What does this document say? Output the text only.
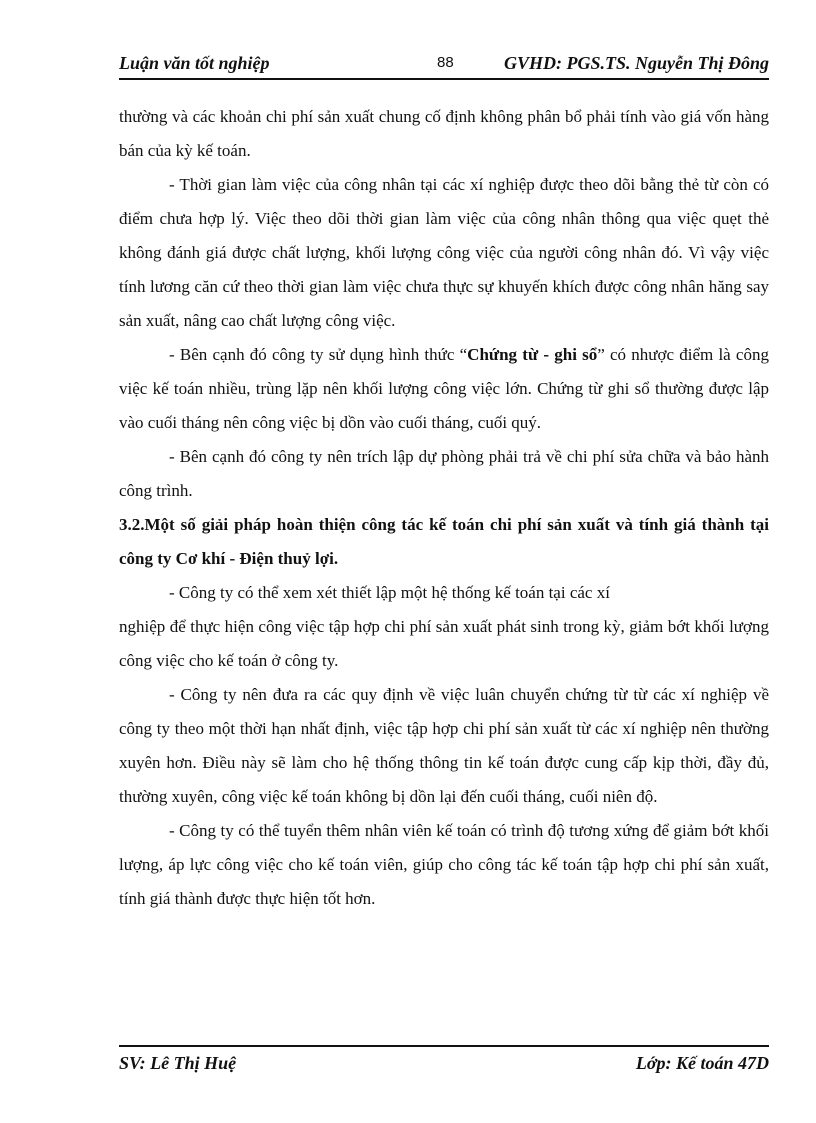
Luận văn tốt nghiệp	88	GVHD: PGS.TS. Nguyễn Thị Đông

thường và các khoản chi phí sản xuất chung cố định không phân bổ phải tính vào giá vốn hàng bán của kỳ kế toán.

- Thời gian làm việc của công nhân tại các xí nghiệp được theo dõi bằng thẻ từ còn có điểm chưa hợp lý. Việc theo dõi thời gian làm việc của công nhân thông qua việc quẹt thẻ không đánh giá được chất lượng, khối lượng công việc của người công nhân đó. Vì vậy việc tính lương căn cứ theo thời gian làm việc chưa thực sự khuyến khích được công nhân hăng say sản xuất, nâng cao chất lượng công việc.

- Bên cạnh đó công ty sử dụng hình thức “Chứng từ - ghi sổ” có nhược điểm là công việc kế toán nhiều, trùng lặp nên khối lượng công việc lớn. Chứng từ ghi sổ thường được lập vào cuối tháng nên công việc bị dồn vào cuối tháng, cuối quý.

- Bên cạnh đó công ty nên trích lập dự phòng phải trả về chi phí sửa chữa và bảo hành công trình.

3.2.Một số giải pháp hoàn thiện công tác kế toán chi phí sản xuất và tính giá thành tại công ty Cơ khí - Điện thuỷ lợi.

- Công ty có thể xem xét thiết lập một hệ thống kế toán tại các xí

nghiệp để thực hiện công việc tập hợp chi phí sản xuất phát sinh trong kỳ, giảm bớt khối lượng công việc cho kế toán ở công ty.

- Công ty nên đưa ra các quy định về việc luân chuyển chứng từ từ các xí nghiệp về công ty theo một thời hạn nhất định, việc tập hợp chi phí sản xuất từ các xí nghiệp nên thường xuyên hơn. Điều này sẽ làm cho hệ thống thông tin kế toán được cung cấp kịp thời, đầy đủ, thường xuyên, công việc kế toán không bị dồn lại đến cuối tháng, cuối niên độ.

- Công ty có thể tuyển thêm nhân viên kế toán có trình độ tương xứng để giảm bớt khối lượng, áp lực công việc cho kế toán viên, giúp cho công tác kế toán tập hợp chi phí sản xuất, tính giá thành được thực hiện tốt hơn.

SV: Lê Thị Huệ	Lớp: Kế toán 47D
